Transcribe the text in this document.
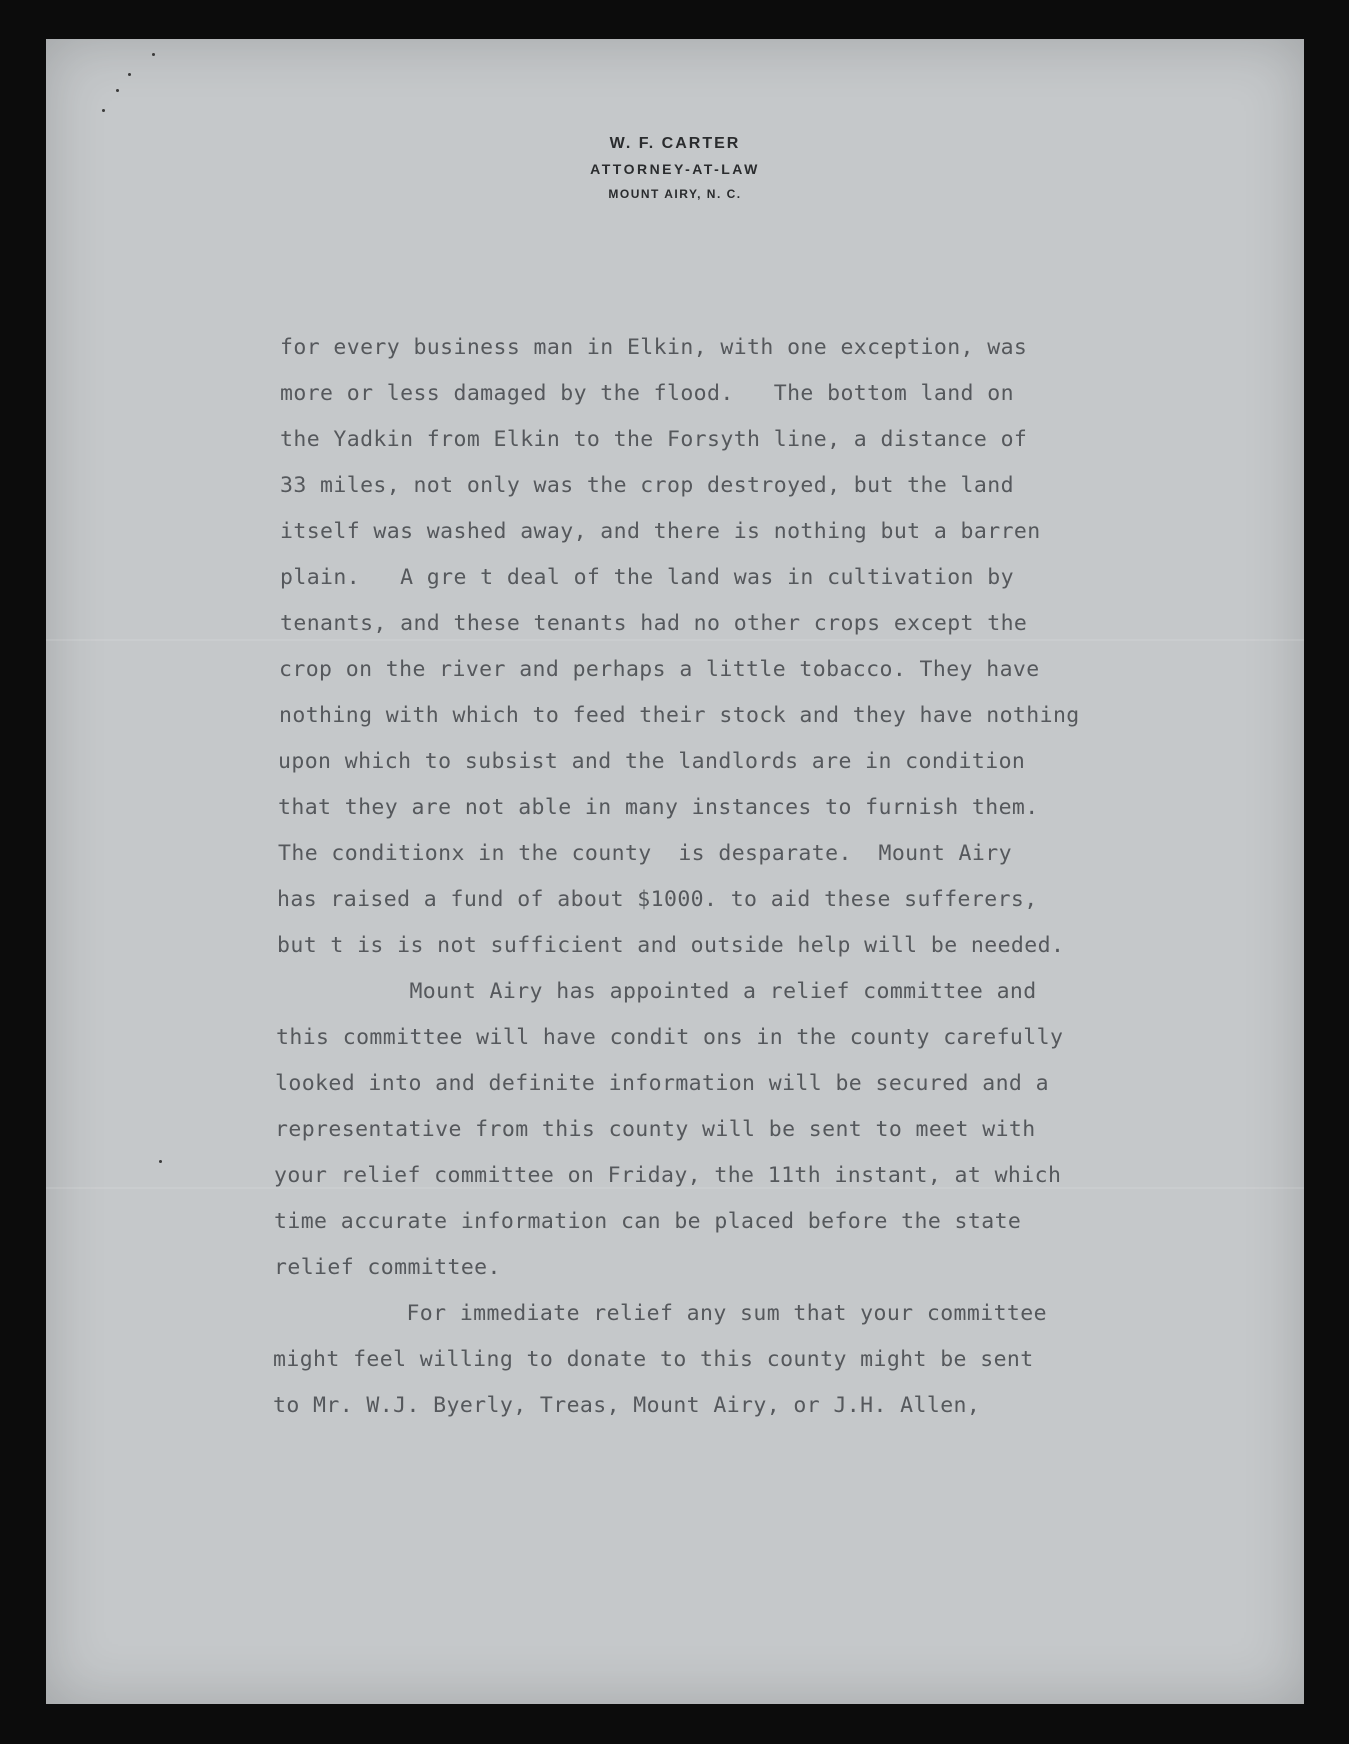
W. F. CARTER
ATTORNEY-AT-LAW
MOUNT AIRY, N. C.
for every business man in Elkin, with one exception, was
more or less damaged by the flood.   The bottom land on
the Yadkin from Elkin to the Forsyth line, a distance of
33 miles, not only was the crop destroyed, but the land
itself was washed away, and there is nothing but a barren
plain.   A gre t deal of the land was in cultivation by
tenants, and these tenants had no other crops except the
crop on the river and perhaps a little tobacco. They have
nothing with which to feed their stock and they have nothing
upon which to subsist and the landlords are in condition
that they are not able in many instances to furnish them.
The conditionx in the county  is desparate.  Mount Airy
has raised a fund of about $1000. to aid these sufferers,
but t is is not sufficient and outside help will be needed.
Mount Airy has appointed a relief committee and
this committee will have condit ons in the county carefully
looked into and definite information will be secured and a
representative from this county will be sent to meet with
your relief committee on Friday, the 11th instant, at which
time accurate information can be placed before the state
relief committee.
For immediate relief any sum that your committee
might feel willing to donate to this county might be sent
to Mr. W.J. Byerly, Treas, Mount Airy, or J.H. Allen,
